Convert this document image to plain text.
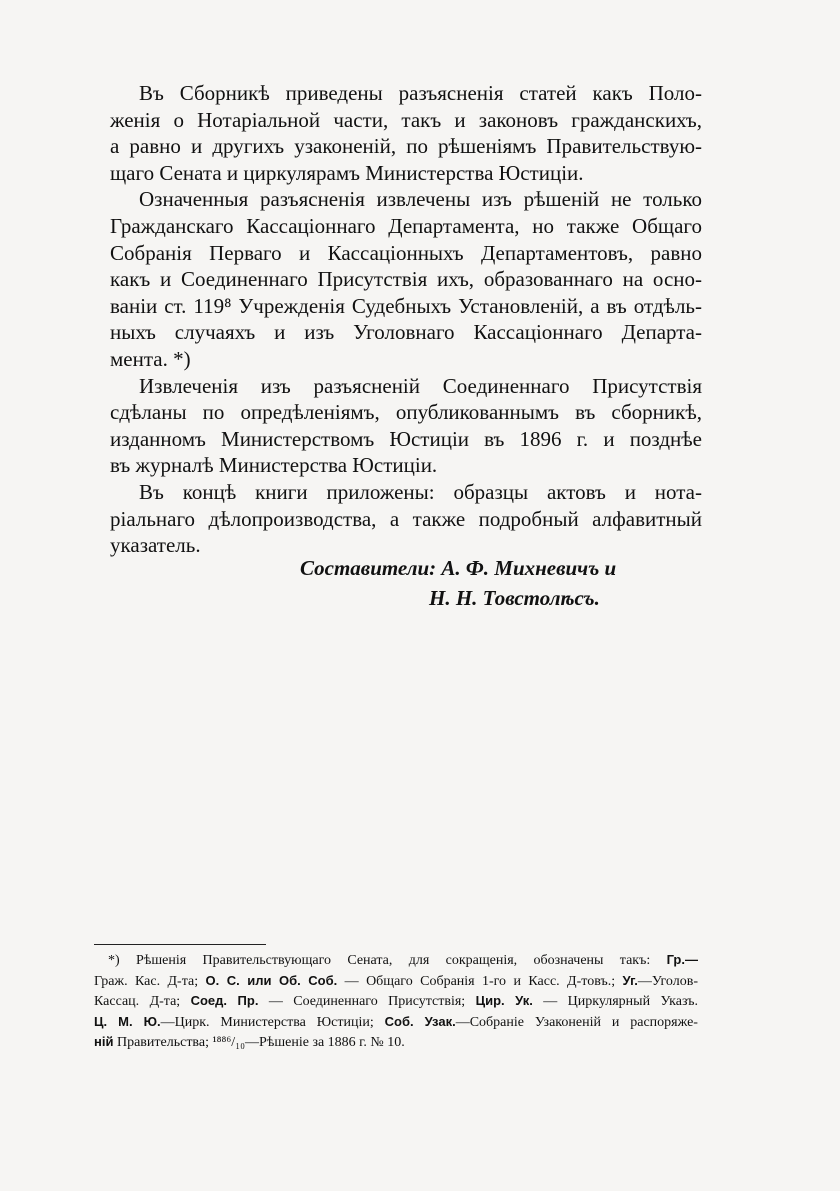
Въ Сборникѣ приведены разъясненія статей какъ Поло-
женія о Нотаріальной части, такъ и законовъ гражданскихъ,
а равно и другихъ узаконеній, по рѣшеніямъ Правительствую-
щаго Сената и циркулярамъ Министерства Юстиціи.
Означенныя разъясненія извлечены изъ рѣшеній не только
Гражданскаго Кассаціоннаго Департамента, но также Общаго
Собранія Перваго и Кассаціонныхъ Департаментовъ, равно
какъ и Соединеннаго Присутствія ихъ, образованнаго на осно-
ваніи ст. 119⁸ Учрежденія Судебныхъ Установленій, а въ отдѣль-
ныхъ случаяхъ и изъ Уголовнаго Кассаціоннаго Департа-
мента. *)
Извлеченія изъ разъясненій Соединеннаго Присутствія
сдѣланы по опредѣленіямъ, опубликованнымъ въ сборникѣ,
изданномъ Министерствомъ Юстиціи въ 1896 г. и позднѣе
въ журналѣ Министерства Юстиціи.
Въ концѣ книги приложены: образцы актовъ и нота-
ріальнаго дѣлопроизводства, а также подробный алфавитный
указатель.
Составители: А. Ф. Михневичъ и
Н. Н. Товстолѣсъ.
*) Рѣшенія Правительствующаго Сената, для сокращенія, обозначены такъ: Гр.—
Граж. Кас. Д-та; О. С. или Об. Соб. — Общаго Собранія 1-го и Касс. Д-товъ.; Уг.—Уголов-
Кассац. Д-та; Соед. Пр. — Соединеннаго Присутствія; Цир. Ук. — Циркулярный Указъ.
Ц. М. Ю.—Цирк. Министерства Юстиціи; Соб. Узак.—Собраніе Узаконеній и распоряже-
ній Правительства; ¹⁸⁸⁶/₁₀—Рѣшеніе за 1886 г. № 10.
